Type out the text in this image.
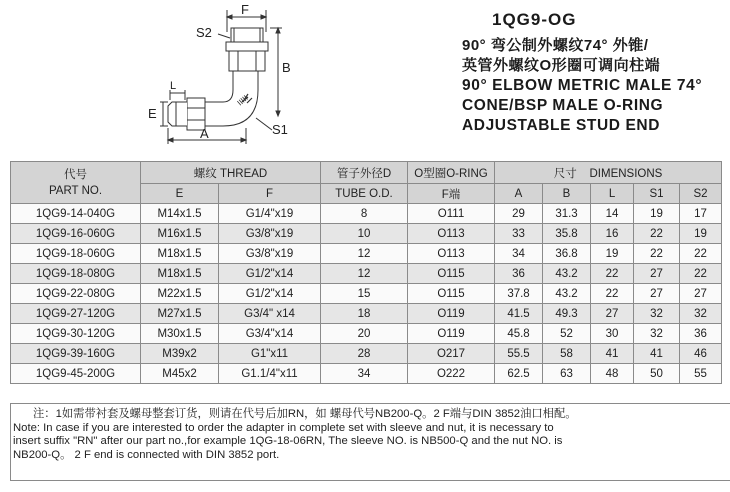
IIIII
F
S2
B
E
L
A	S1
1QG9-OG
90° 弯公制外螺纹74° 外锥/
英管外螺纹O形圈可调向柱端
90° ELBOW METRIC MALE 74°
CONE/BSP MALE O-RING
ADJUSTABLE STUD END
代号
PART NO.	螺纹 THREAD		管子外径D	O型圈O-RING	尺寸    DIMENSIONS				
	E	F	TUBE O.D.	F端	A	B	L	S1	S2
1QG9-14-040G	M14x1.5	G1/4"x19	8	O111	29	31.3	14	19	17
1QG9-16-060G	M16x1.5	G3/8"x19	10	O113	33	35.8	16	22	19
1QG9-18-060G	M18x1.5	G3/8"x19	12	O113	34	36.8	19	22	22
1QG9-18-080G	M18x1.5	G1/2"x14	12	O115	36	43.2	22	27	22
1QG9-22-080G	M22x1.5	G1/2"x14	15	O115	37.8	43.2	22	27	27
1QG9-27-120G	M27x1.5	G3/4" x14	18	O119	41.5	49.3	27	32	32
1QG9-30-120G	M30x1.5	G3/4"x14	20	O119	45.8	52	30	32	36
1QG9-39-160G	M39x2	G1"x11	28	O217	55.5	58	41	41	46
1QG9-45-200G	M45x2	G1.1/4"x11	34	O222	62.5	63	48	50	55

注：1如需带衬套及螺母整套订货，则请在代号后加RN，如 螺母代号NB200-Q。2 F端与DIN 3852油口相配。

Note: In case if you are interested to order the adapter in complete set with sleeve and nut, it is necessary to

insert suffix "RN" after our part no.,for example 1QG-18-06RN, The sleeve NO. is NB500-Q and the nut NO. is

NB200-Q。 2 F end is connected with DIN 3852 port.
